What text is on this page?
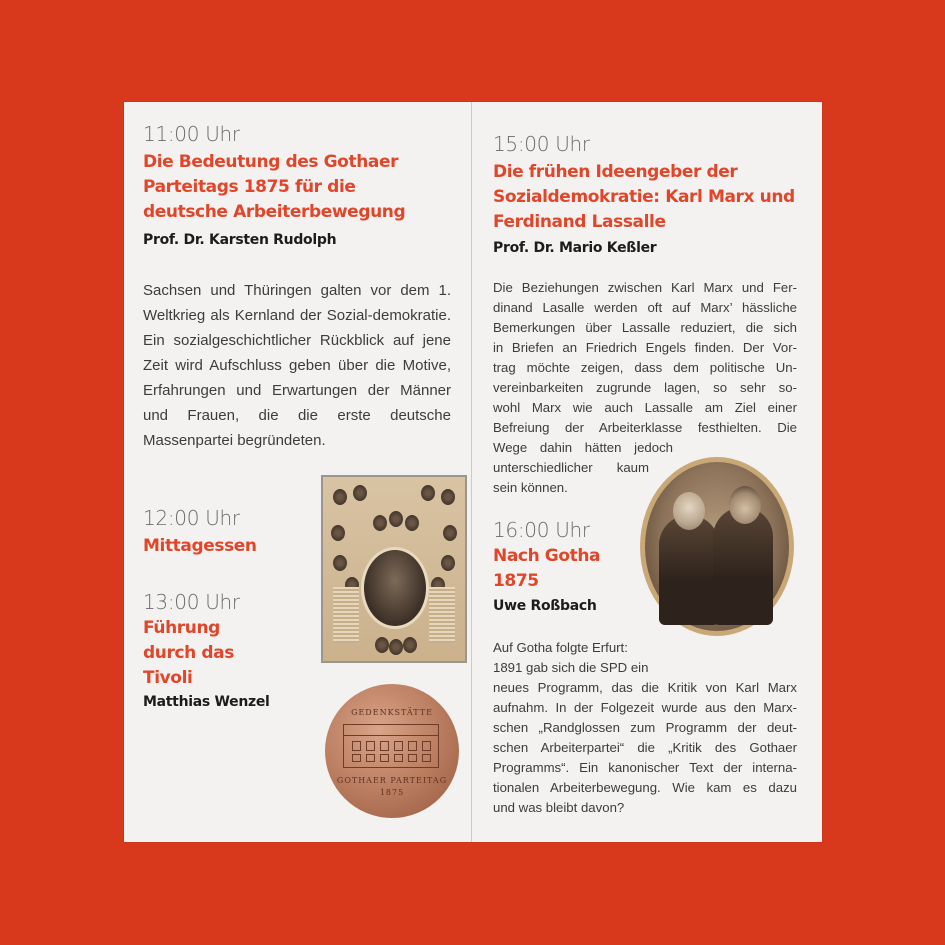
11:00 Uhr
Die Bedeutung des Gothaer
Parteitags 1875 für die
deutsche Arbeiterbewegung
Prof. Dr. Karsten Rudolph
Sachsen und Thüringen galten vor dem 1. Weltkrieg als Kernland der Sozial-demokratie. Ein sozialgeschichtlicher Rückblick auf jene Zeit wird Aufschluss geben über die Motive, Erfahrungen und Erwartungen der Männer und Frauen, die die erste deutsche Massenpartei begründeten.
12:00 Uhr
Mittagessen
13:00 Uhr
Führung
durch das
Tivoli
Matthias Wenzel
GEDENKSTÄTTE
GOTHAER PARTEITAG
1875
15:00 Uhr
Die frühen Ideengeber der
Sozialdemokratie: Karl Marx und
Ferdinand Lassalle
Prof. Dr. Mario Keßler
Die Beziehungen zwischen Karl Marx und Fer-
dinand Lasalle werden oft auf Marx’ hässliche
Bemerkungen über Lassalle reduziert, die sich
in Briefen an Friedrich Engels finden. Der Vor-
trag möchte zeigen, dass dem politische Un-
vereinbarkeiten zugrunde lagen, so sehr so-
wohl Marx wie auch Lassalle am Ziel einer
Befreiung der Arbeiterklasse festhielten. Die
Wege dahin hätten jedoch
unterschiedlicher kaum
sein können.
16:00 Uhr
Nach Gotha
1875
Uwe Roßbach
Auf Gotha folgte Erfurt:
1891 gab sich die SPD ein
neues Programm, das die Kritik von Karl Marx
aufnahm. In der Folgezeit wurde aus den Marx-
schen „Randglossen zum Programm der deut-
schen Arbeiterpartei“ die „Kritik des Gothaer
Programms“. Ein kanonischer Text der interna-
tionalen Arbeiterbewegung. Wie kam es dazu
und was bleibt davon?
